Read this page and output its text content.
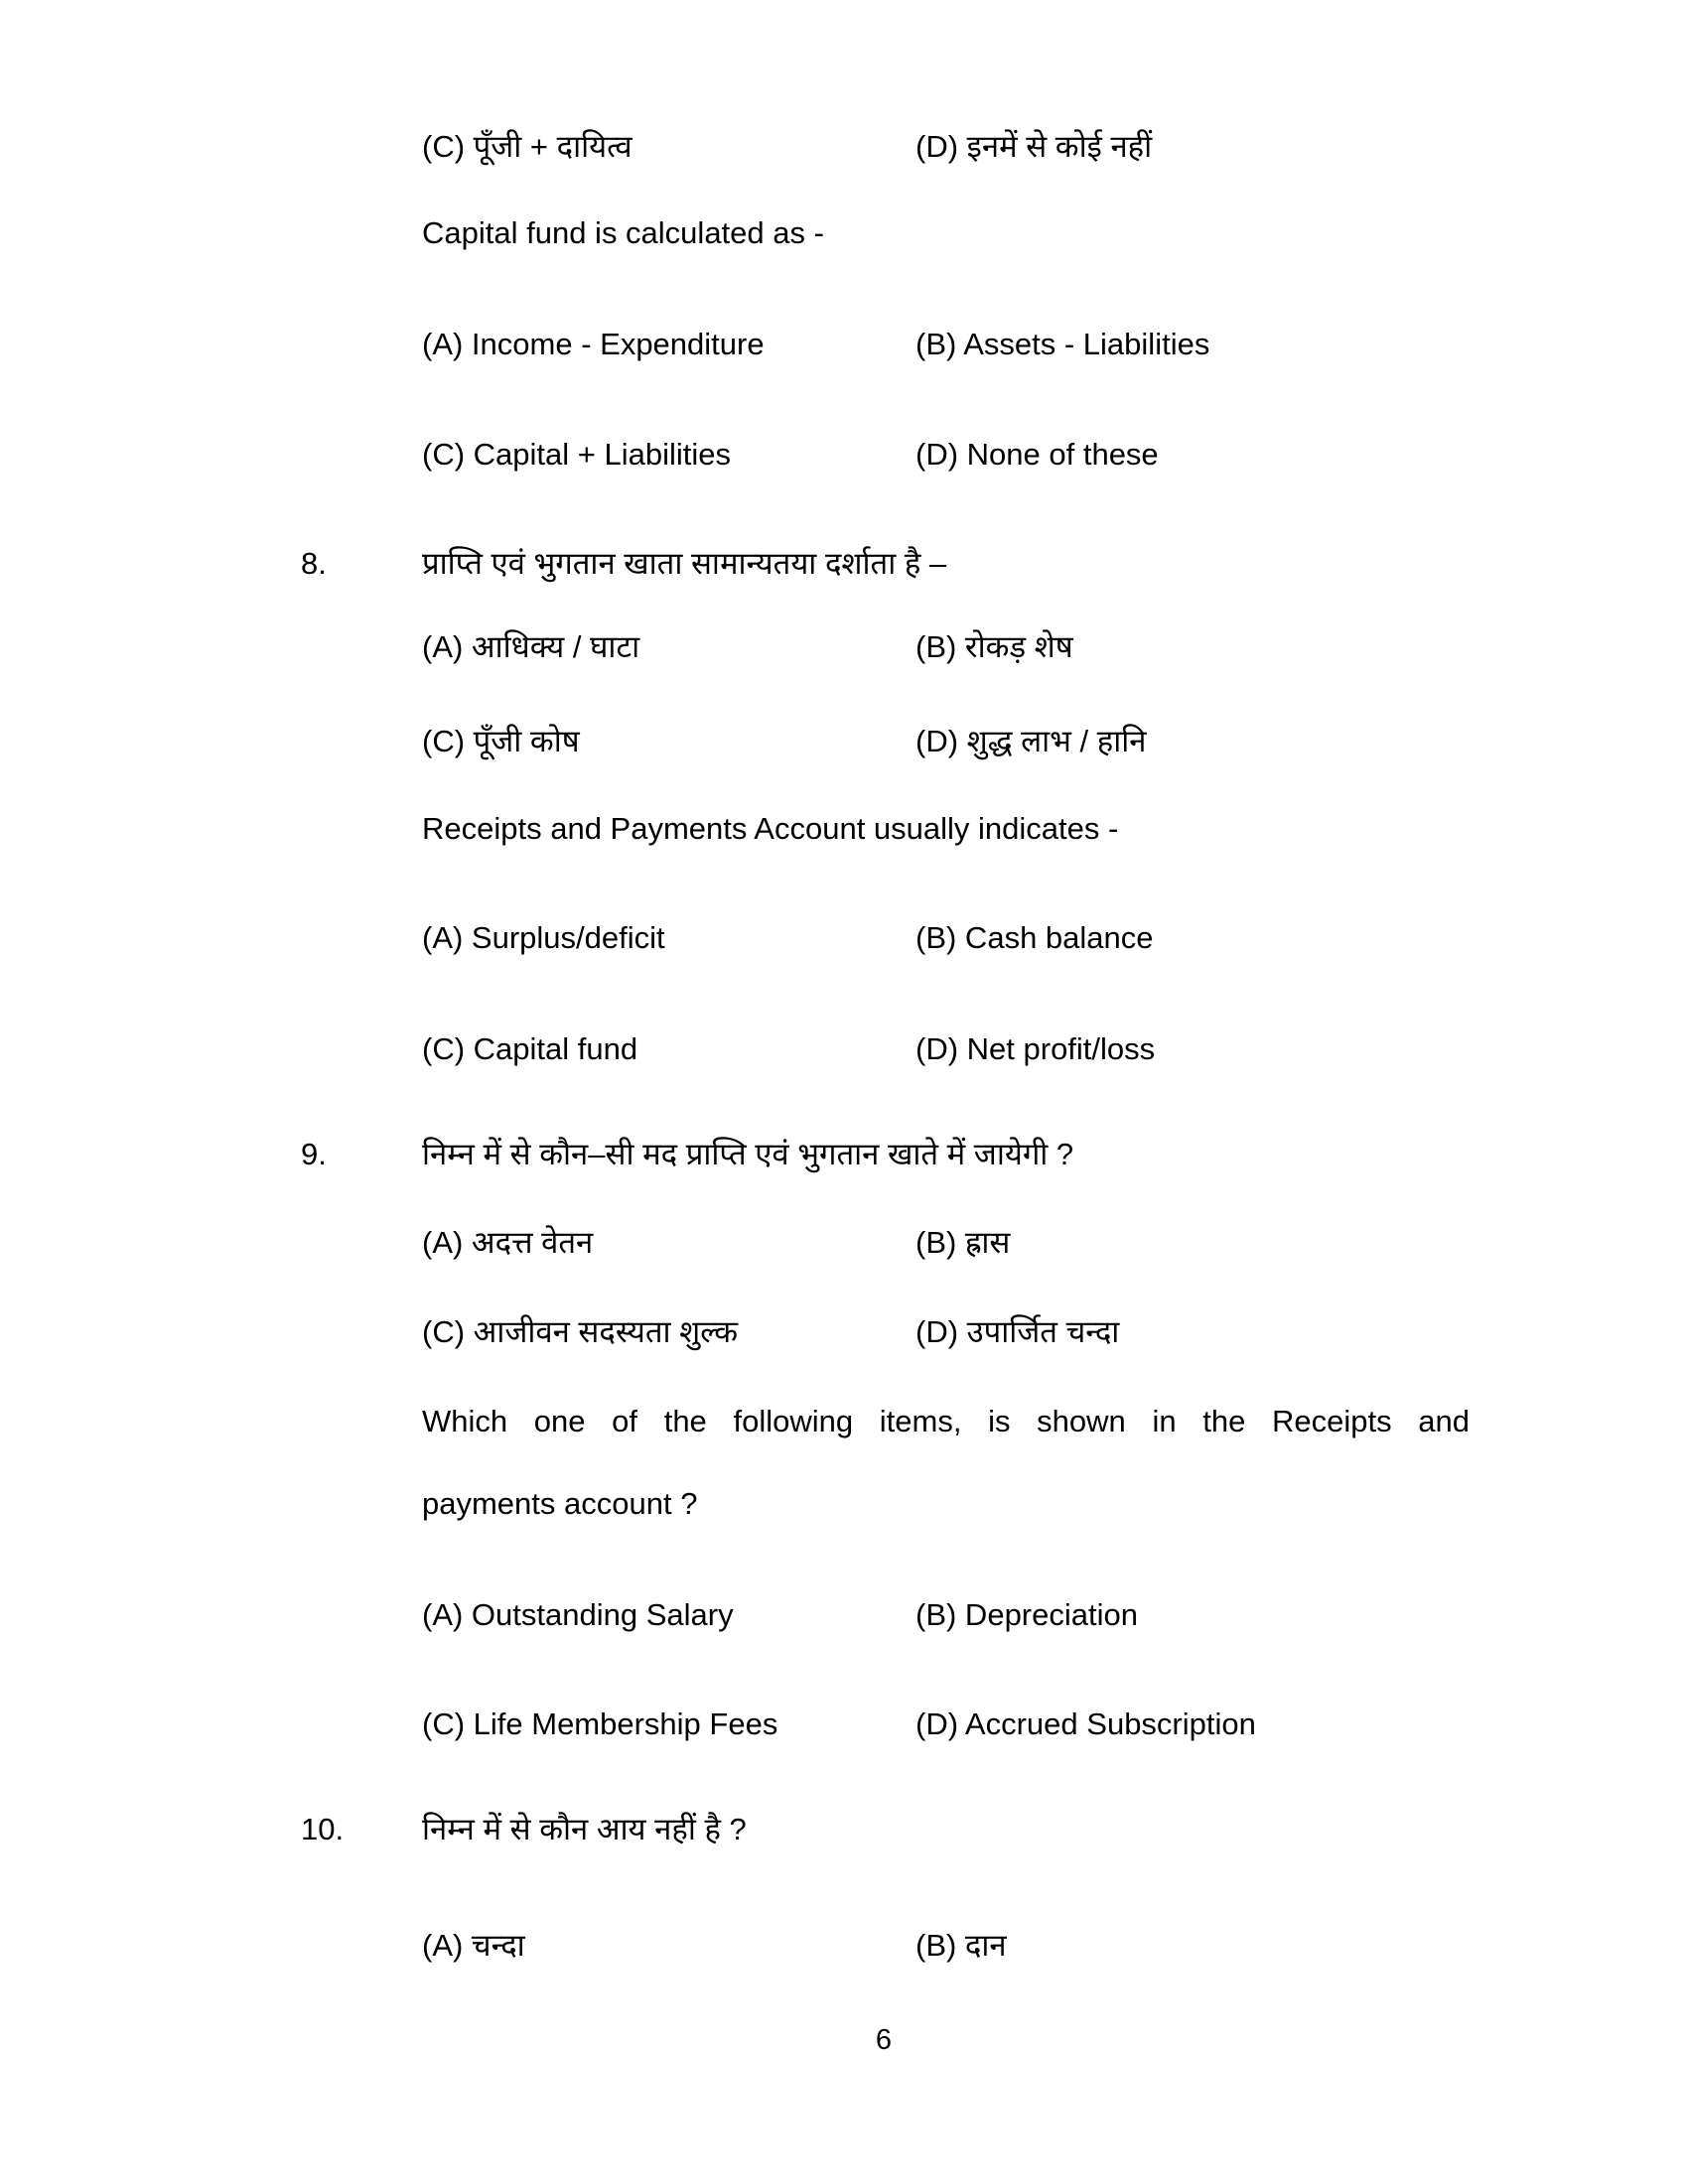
(C) पूँजी + दायित्व	(D) इनमें से कोई नहीं
Capital fund is calculated as -
(A) Income - Expenditure	(B) Assets - Liabilities
(C) Capital + Liabilities	(D) None of these
8.	प्राप्ति एवं भुगतान खाता सामान्यतया दर्शाता है –
(A) आधिक्य / घाटा	(B) रोकड़ शेष
(C) पूँजी कोष	(D) शुद्ध लाभ / हानि
Receipts and Payments Account usually indicates -
(A) Surplus/deficit	(B) Cash balance
(C) Capital fund	(D) Net profit/loss
9.	निम्न में से कौन–सी मद प्राप्ति एवं भुगतान खाते में जायेगी ?
(A) अदत्त वेतन	(B) ह्रास
(C) आजीवन सदस्यता शुल्क	(D) उपार्जित चन्दा
Which one of the following items, is shown in the Receipts and
payments account ?
(A) Outstanding Salary	(B) Depreciation
(C) Life Membership Fees	(D) Accrued Subscription
10.	निम्न में से कौन आय नहीं है ?
(A) चन्दा	(B) दान
6
